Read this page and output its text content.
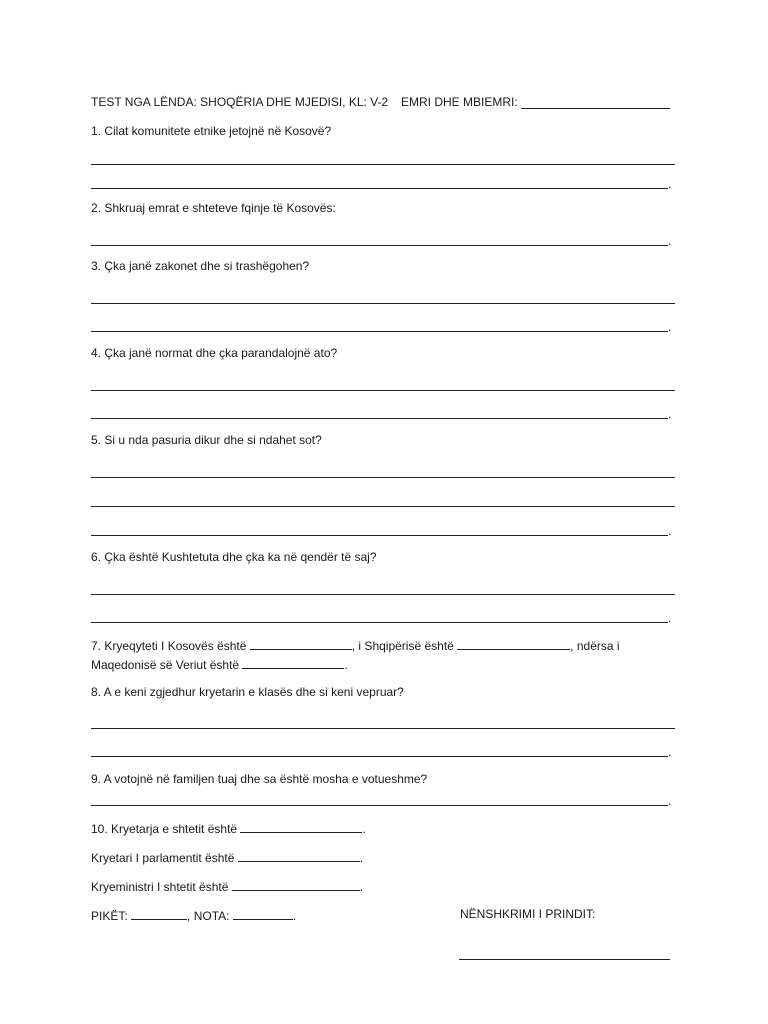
TEST NGA LËNDA: SHOQËRIA DHE MJEDISI, KL: V-2 EMRI DHE MBIEMRI:
1. Cilat komunitete etnike jetojnë në Kosovë?
.
2. Shkruaj emrat e shteteve fqinje të Kosovës:
.
3. Çka janë zakonet dhe si trashëgohen?
.
4. Çka janë normat dhe çka parandalojnë ato?
.
5. Si u nda pasuria dikur dhe si ndahet sot?
.
6. Çka është Kushtetuta dhe çka ka në qendër të saj?
.
7. Kryeqyteti I Kosovës është	, i Shqipërisë është	, ndërsa i
Maqedonisë së Veriut është	.
8. A e keni zgjedhur kryetarin e klasës dhe si keni vepruar?
.
9. A votojnë në familjen tuaj dhe sa është mosha e votueshme?
.
10. Kryetarja e shtetit është	.
Kryetari I parlamentit është	.
Kryeministri I shtetit është	.
PIKËT:	, NOTA:	.	NËNSHKRIMI I PRINDIT:
